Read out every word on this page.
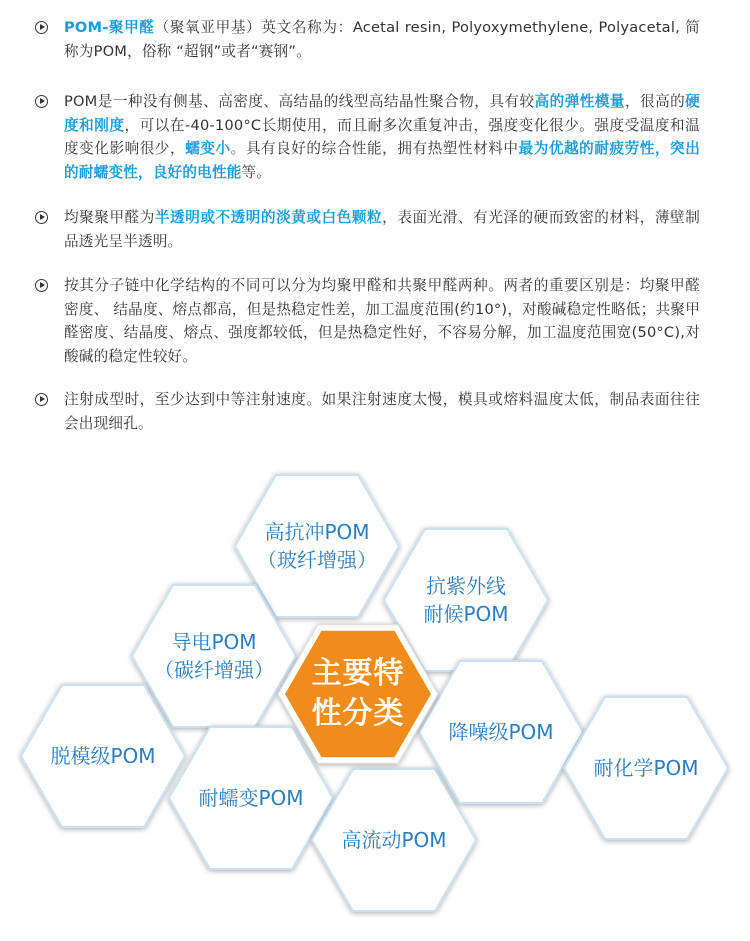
POM-聚甲醛（聚氧亚甲基）英文名称为：Acetal resin, Polyoxymethylene, Polyacetal, 简称为POM，俗称 “超钢”或者“赛钢”。
POM是一种没有侧基、高密度、高结晶的线型高结晶性聚合物，具有较高的弹性模量，很高的硬度和刚度，可以在-40-100°C长期使用，而且耐多次重复冲击，强度变化很少。强度受温度和温度变化影响很少，蠕变小。具有良好的综合性能，拥有热塑性材料中最为优越的耐疲劳性，突出的耐蠕变性，良好的电性能等。
均聚聚甲醛为半透明或不透明的淡黄或白色颗粒，表面光滑、有光泽的硬而致密的材料，薄壁制品透光呈半透明。
按其分子链中化学结构的不同可以分为均聚甲醛和共聚甲醛两种。两者的重要区别是：均聚甲醛密度、 结晶度、熔点都高，但是热稳定性差，加工温度范围(约10°)，对酸碱稳定性略低；共聚甲醛密度、结晶度、熔点、强度都较低，但是热稳定性好，不容易分解，加工温度范围宽(50°C),对酸碱的稳定性较好。
注射成型时，至少达到中等注射速度。如果注射速度太慢，模具或熔料温度太低，制品表面往往会出现细孔。
高抗冲POM
（玻纤增强）
抗紫外线
耐候POM
导电POM
（碳纤增强）
脱模级POM
耐蠕变POM
高流动POM
降噪级POM
耐化学POM
主要特
性分类
